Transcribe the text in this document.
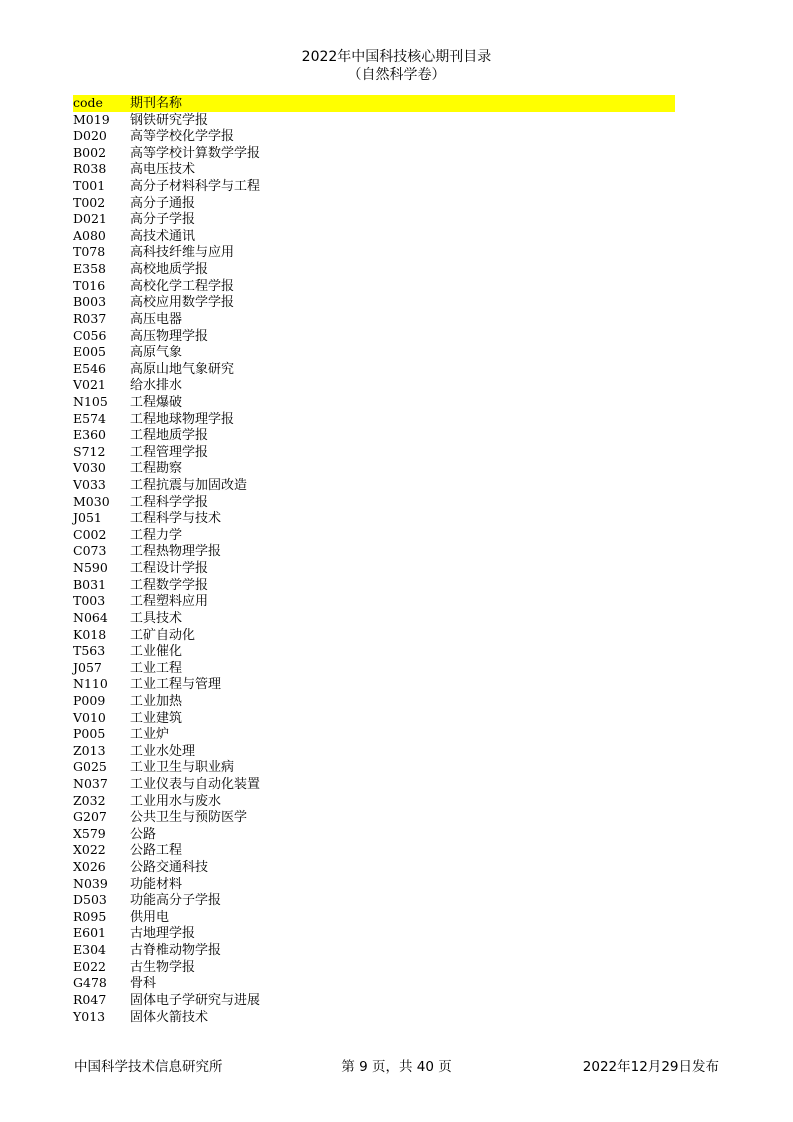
2022年中国科技核心期刊目录
（自然科学卷）
code 期刊名称
M019 钢铁研究学报
D020 高等学校化学学报
B002 高等学校计算数学学报
R038 高电压技术
T001 高分子材料科学与工程
T002 高分子通报
D021 高分子学报
A080 高技术通讯
T078 高科技纤维与应用
E358 高校地质学报
T016 高校化学工程学报
B003 高校应用数学学报
R037 高压电器
C056 高压物理学报
E005 高原气象
E546 高原山地气象研究
V021 给水排水
N105 工程爆破
E574 工程地球物理学报
E360 工程地质学报
S712 工程管理学报
V030 工程勘察
V033 工程抗震与加固改造
M030 工程科学学报
J051 工程科学与技术
C002 工程力学
C073 工程热物理学报
N590 工程设计学报
B031 工程数学学报
T003 工程塑料应用
N064 工具技术
K018 工矿自动化
T563 工业催化
J057 工业工程
N110 工业工程与管理
P009 工业加热
V010 工业建筑
P005 工业炉
Z013 工业水处理
G025 工业卫生与职业病
N037 工业仪表与自动化装置
Z032 工业用水与废水
G207 公共卫生与预防医学
X579 公路
X022 公路工程
X026 公路交通科技
N039 功能材料
D503 功能高分子学报
R095 供用电
E601 古地理学报
E304 古脊椎动物学报
E022 古生物学报
G478 骨科
R047 固体电子学研究与进展
Y013 固体火箭技术
中国科学技术信息研究所	第 9 页，共 40 页	2022年12月29日发布
